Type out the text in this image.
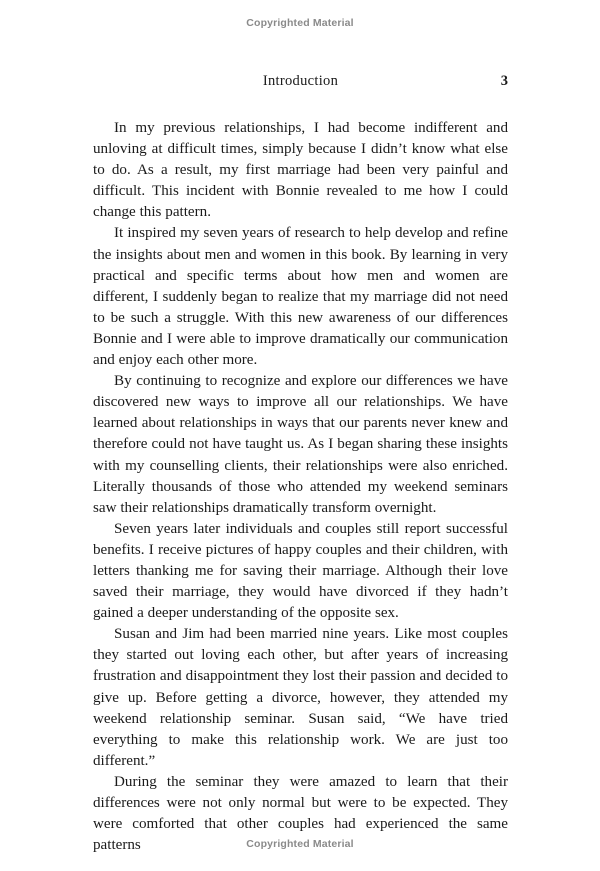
Copyrighted Material
Introduction	3

In my previous relationships, I had become indifferent and unloving at difficult times, simply because I didn’t know what else to do. As a result, my first marriage had been very painful and difficult. This incident with Bonnie revealed to me how I could change this pattern.

It inspired my seven years of research to help develop and refine the insights about men and women in this book. By learning in very practical and specific terms about how men and women are different, I suddenly began to realize that my marriage did not need to be such a struggle. With this new awareness of our differences Bonnie and I were able to improve dramatically our communication and enjoy each other more.

By continuing to recognize and explore our differences we have discovered new ways to improve all our relationships. We have learned about relationships in ways that our parents never knew and therefore could not have taught us. As I began sharing these insights with my counselling clients, their relationships were also enriched. Literally thousands of those who attended my weekend seminars saw their relationships dramatically transform overnight.

Seven years later individuals and couples still report successful benefits. I receive pictures of happy couples and their children, with letters thanking me for saving their marriage. Although their love saved their marriage, they would have divorced if they hadn’t gained a deeper understanding of the opposite sex.

Susan and Jim had been married nine years. Like most couples they started out loving each other, but after years of increasing frustration and disappointment they lost their passion and decided to give up. Before getting a divorce, however, they attended my weekend relationship seminar. Susan said, “We have tried everything to make this relationship work. We are just too different.”

During the seminar they were amazed to learn that their differences were not only normal but were to be expected. They were comforted that other couples had experienced the same patterns	Copyrighted Material
